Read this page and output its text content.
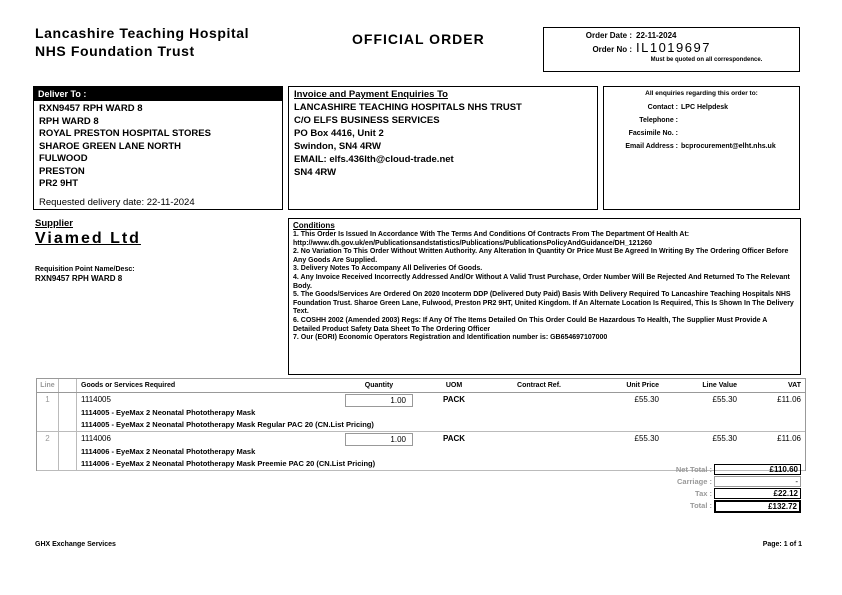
Lancashire Teaching Hospital
NHS Foundation Trust
OFFICIAL ORDER	Order Date : 22-11-2024
Order No : IL1019697
Must be quoted on all correspondence.
Deliver To :
RXN9457 RPH WARD 8
RPH WARD 8
ROYAL PRESTON HOSPITAL STORES
SHAROE GREEN LANE NORTH
FULWOOD
PRESTON
PR2 9HT
Requested delivery date: 22-11-2024
Invoice and Payment Enquiries To
LANCASHIRE TEACHING HOSPITALS NHS TRUST
C/O ELFS BUSINESS SERVICES
PO Box 4416, Unit 2
Swindon, SN4 4RW
EMAIL: elfs.436lth@cloud-trade.net
SN4 4RW
All enquiries regarding this order to:
Contact : LPC Helpdesk
Telephone :
Facsimile No. :
Email Address : bcprocurement@elht.nhs.uk
Supplier
Viamed Ltd
Requisition Point Name/Desc:
RXN9457 RPH WARD 8
Conditions
1. This Order Is Issued In Accordance With The Terms And Conditions Of Contracts From The Department Of Health At: http://www.dh.gov.uk/en/Publicationsandstatistics/Publications/PublicationsPolicyAndGuidance/DH_121260
2. No Variation To This Order Without Written Authority. Any Alteration In Quantity Or Price Must Be Agreed In Writing By The Ordering Officer Before Any Goods Are Supplied.
3. Delivery Notes To Accompany All Deliveries Of Goods.
4. Any Invoice Received Incorrectly Addressed And/Or Without A Valid Trust Purchase, Order Number Will Be Rejected And Returned To The Relevant Body.
5. The Goods/Services Are Ordered On 2020 Incoterm DDP (Delivered Duty Paid) Basis With Delivery Required To Lancashire Teaching Hospitals NHS Foundation Trust. Sharoe Green Lane, Fulwood, Preston PR2 9HT, United Kingdom. If An Alternate Location Is Required, This Is Shown In The Delivery Text.
6. COSHH 2002 (Amended 2003) Regs: If Any Of The Items Detailed On This Order Could Be Hazardous To Health, The Supplier Must Provide A Detailed Product Safety Data Sheet To The Ordering Officer
7. Our (EORI) Economic Operators Registration and Identification number is: GB654697107000
Line	Goods or Services Required	Quantity	UOM	Contract Ref.	Unit Price	Line Value	VAT
1	1114005	1.00	PACK	£55.30	£55.30	£11.06
1114005 - EyeMax 2 Neonatal Phototherapy Mask
1114005 - EyeMax 2 Neonatal Phototherapy Mask Regular PAC 20 (CN.List Pricing)
2	1114006	1.00	PACK	£55.30	£55.30	£11.06
1114006 - EyeMax 2 Neonatal Phototherapy Mask
1114006 - EyeMax 2 Neonatal Phototherapy Mask Preemie PAC 20 (CN.List Pricing)
Net Total :	£110.60
Carriage :	-
Tax :	£22.12
Total :	£132.72
GHX Exchange Services	Page: 1 of 1
